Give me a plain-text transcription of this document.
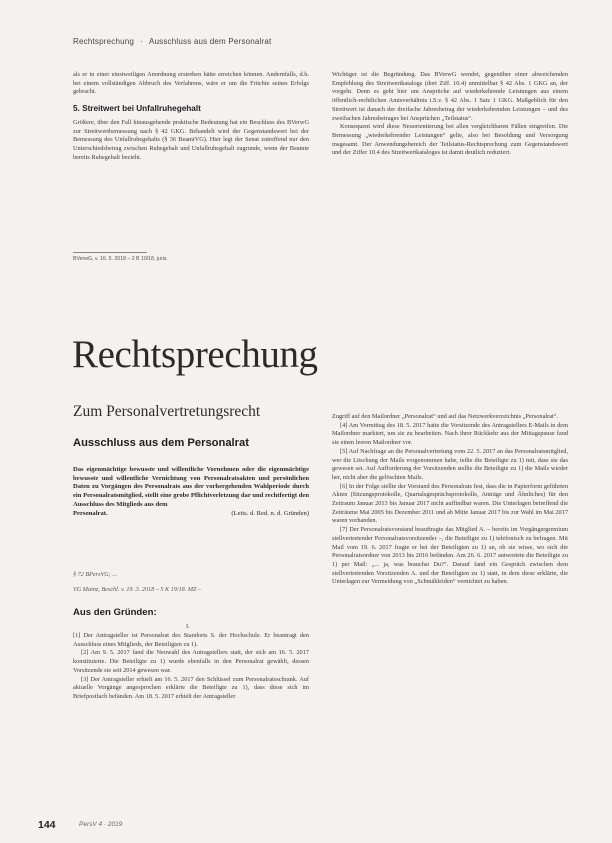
Rechtsprechung · Ausschluss aus dem Personalrat

als er in einer einstweiligen Anordnung erstreben hätte erreichen können. Andernfalls, d.h. bei einem vollständigen Abbruch des Verfahrens, wäre er um die Früchte seines Erfolgs gebracht.

5. Streitwert bei Unfallruhegehalt

Größere, über den Fall hinausgehende praktische Bedeutung hat ein Beschluss des BVerwG zur Streitwertbemessung nach § 42 GKG. Behandelt wird der Gegenstandswert bei der Bemessung des Unfallruhegehalts (§ 36 BeamtVG). Hier legt der Senat zutreffend nur den Unterschiedsbetrag zwischen Ruhegehalt und Unfallruhegehalt zugrunde, wenn der Beamte bereits Ruhegehalt bezieht.

BVerwG, v. 16. 5. 2018 – 2 B 10/18, juris.

Wichtiger ist die Begründung. Das BVerwG wendet, gegenüber einer abweichenden Empfehlung des Streitwertkatalogs (dort Ziff. 10.4) unmittelbar § 42 Abs. 1 GKG an, der vorgeht. Denn es geht hier um Ansprüche auf wiederkehrende Leistungen aus einem öffentlich-rechtlichen Amtsverhältnis i.S.v. § 42 Abs. 1 Satz 1 GKG. Maßgeblich für den Streitwert ist danach der dreifache Jahresbetrag der wiederkehrenden Leistungen – und des zweifachen Jahresbetrages bei Ansprüchen „Teilstatus“.

Konsequent wird diese Neuorientierung bei allen vergleichbaren Fällen eingreifen. Die Bemessung „wiederkehrender Leistungen“ gelte, also bei Besoldung und Versorgung insgesamt. Der Anwendungsbereich der Teilstatus-Rechtsprechung zum Gegenstandswert und der Ziffer 10.4 des Streitwertkataloges ist damit deutlich reduziert.

Rechtsprechung
Zum Personalvertretungsrecht
Ausschluss aus dem Personalrat
Das eigenmächtige bewusste und willentliche Vornehmen oder die eigenmächtige bewusste und willentliche Vernichtung von Personalratsakten und persönlichen Daten zu Vorgängen des Personalrats aus der vorhergehenden Wahlperiode durch ein Personalratsmitglied, stellt eine grobe Pflichtverletzung dar und rechtfertigt den Ausschluss des Mitglieds aus dem
Personalrat.	(Leits. d. Red. n. d. Gründen)
§ 72 BPersVG; ...
VG Mainz, Beschl. v. 19. 3. 2018 – 5 K 19/18. MZ –
Aus den Gründen:
I.

[1] Der Antragsteller ist Personalrat des Standorts S. der Hochschule. Er beantragt den Ausschluss eines Mitglieds, der Beteiligten zu 1).

[2] Am 9. 5. 2017 fand die Neuwahl des Antragstellers statt, der sich am 16. 5. 2017 konstituierte. Die Beteiligte zu 1) wurde ebenfalls in den Personalrat gewählt, dessen Vorsitzende sie seit 2014 gewesen war.

[3] Der Antragsteller erhielt am 16. 5. 2017 den Schlüssel zum Personalratsschrank. Auf aktuelle Vorgänge angesprochen erklärte die Beteiligte zu 1), dass diese sich im Briefpostfach befänden. Am 18. 5. 2017 erhielt der Antragsteller

Zugriff auf den Mailordner „Personalrat“ und auf das Netzwerkverzeichnis „Personalrat“.

[4] Am Vormittag des 18. 5. 2017 hatte die Vorsitzende des Antragstellers E-Mails in dem Mailordner markiert, um sie zu bearbeiten. Nach ihrer Rückkehr aus der Mittagspause fand sie einen leeren Mailordner vor.

[5] Auf Nachfrage an die Personalvertretung vom 22. 5. 2017 an das Personalratsmitglied, wer die Löschung der Mails vorgenommen habe, teilte die Beteiligte zu 1) mit, dass sie das gewesen sei. Auf Aufforderung der Vorsitzenden stellte die Beteiligte zu 1) die Mails wieder her, nicht aber die gelöschten Mails.

[6] In der Folge stellte der Vorstand des Personalrats fest, dass die in Papierform geführten Akten (Sitzungsprotokolle, Quartalsgesprächsprotokolle, Anträge und Ähnliches) für den Zeitraum Januar 2013 bis Januar 2017 nicht auffindbar waren. Die Unterlagen betreffend die Zeiträume Mai 2005 bis Dezember 2011 und ab Mitte Januar 2017 bis zur Wahl im Mai 2017 waren vorhanden.

[7] Der Personalratsvorstand beauftragte das Mitglied A. – bereits im Vorgängergremium stellvertretender Personalratsvorsitzender –, die Beteiligte zu 1) telefonisch zu befragen. Mit Mail vom 19. 6. 2017 fragte er bei der Beteiligten zu 1) an, ob sie wisse, wo sich die Personalratsordner von 2013 bis 2016 befänden. Am 26. 6. 2017 antwortete die Beteiligte zu 1) per Mail: „... ja, was brauchst Du?“. Darauf fand ein Gespräch zwischen dem stellvertretenden Vorsitzenden A. und der Beteiligten zu 1) statt, in dem diese erklärte, die Unterlagen zur Vermeidung von „Schmähleiden“ vernichtet zu haben.

144	PersV 4 · 2019
